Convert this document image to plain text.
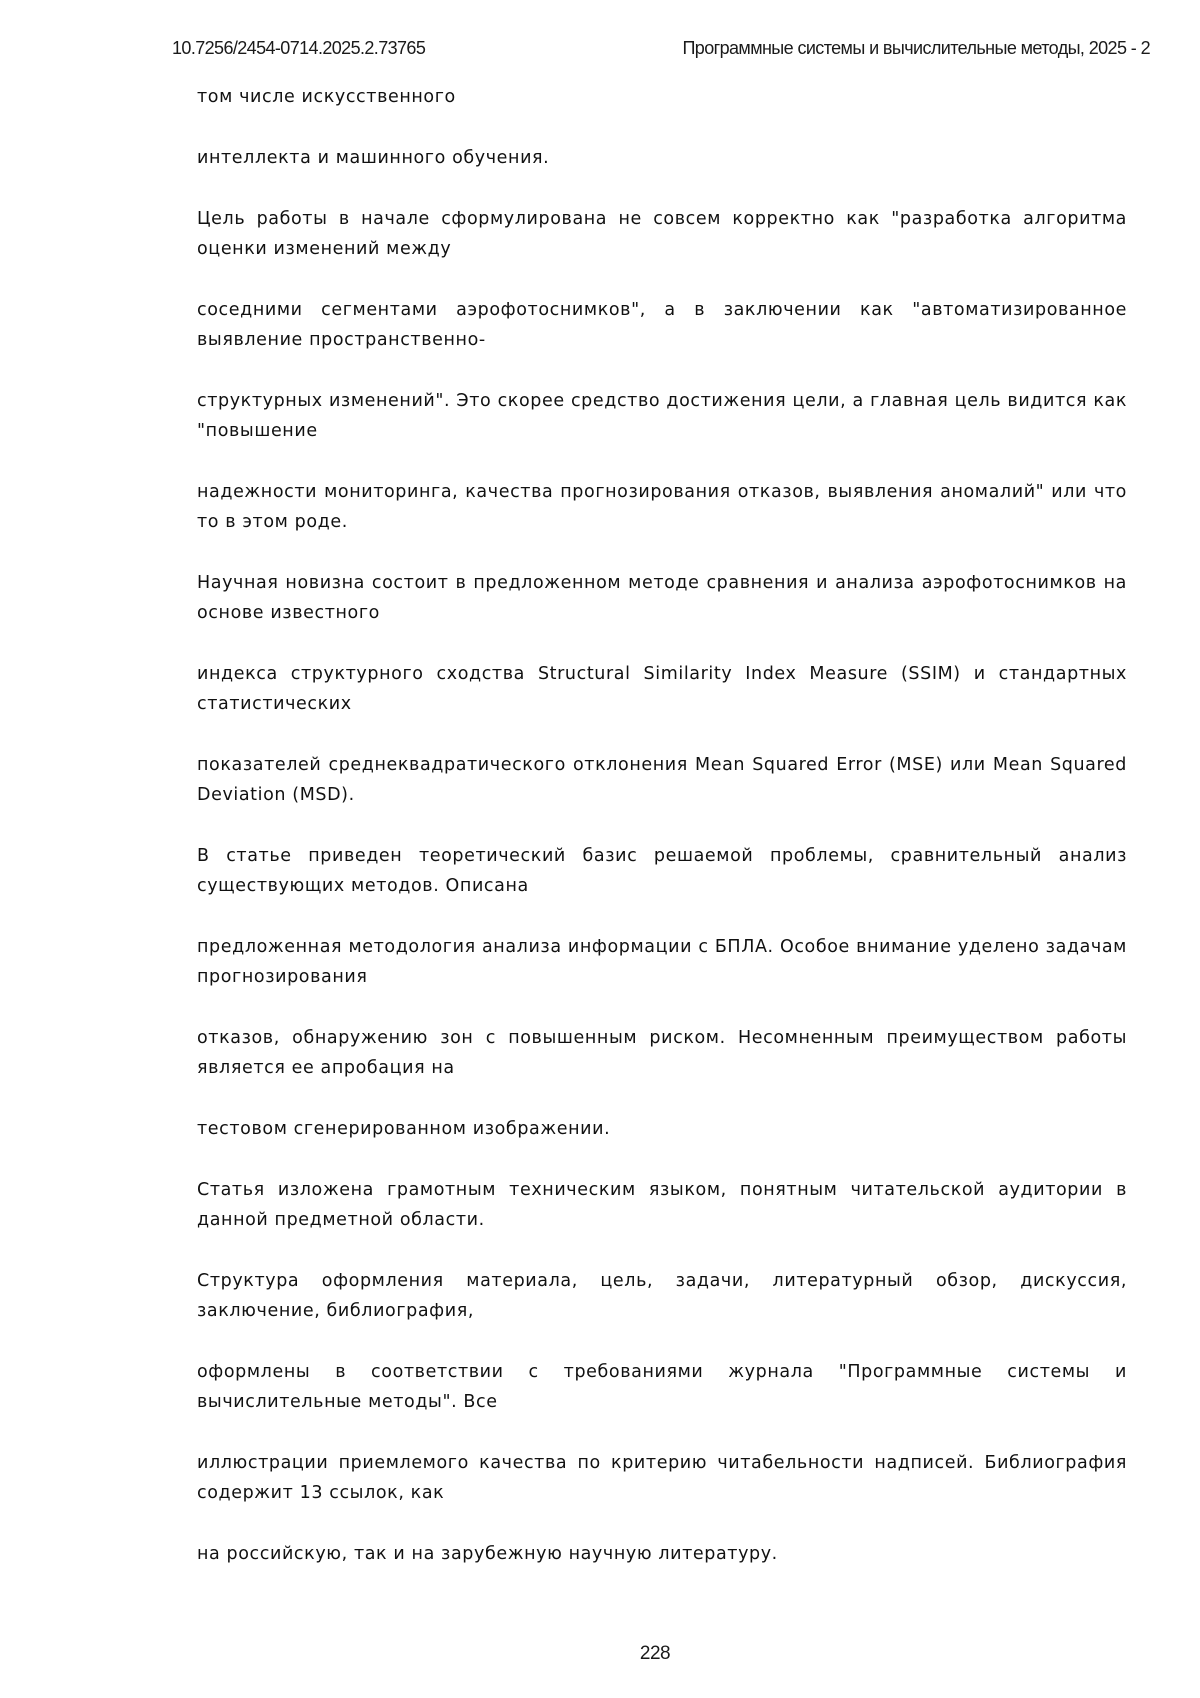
10.7256/2454-0714.2025.2.73765	Программные системы и вычислительные методы, 2025 - 2

том числе искусственного

интеллекта и машинного обучения.

Цель работы в начале сформулирована не совсем корректно как "разработка алгоритма оценки изменений между

соседними сегментами аэрофотоснимков", а в заключении как "автоматизированное выявление пространственно-

структурных изменений". Это скорее средство достижения цели, а главная цель видится как "повышение

надежности мониторинга, качества прогнозирования отказов, выявления аномалий" или что то в этом роде.

Научная новизна состоит в предложенном методе сравнения и анализа аэрофотоснимков на основе известного

индекса структурного сходства Structural Similarity Index Measure (SSIM) и стандартных статистических

показателей среднеквадратического отклонения Mean Squared Error (MSE) или Mean Squared Deviation (MSD).

В статье приведен теоретический базис решаемой проблемы, сравнительный анализ существующих методов. Описана

предложенная методология анализа информации с БПЛА. Особое внимание уделено задачам прогнозирования

отказов, обнаружению зон с повышенным риском. Несомненным преимуществом работы является ее апробация на

тестовом сгенерированном изображении.

Статья изложена грамотным техническим языком, понятным читательской аудитории в данной предметной области.

Структура оформления материала, цель, задачи, литературный обзор, дискуссия, заключение, библиография,

оформлены в соответствии с требованиями журнала "Программные системы и вычислительные методы". Все

иллюстрации приемлемого качества по критерию читабельности надписей. Библиография содержит 13 ссылок, как

на российскую, так и на зарубежную научную литературу.

228
